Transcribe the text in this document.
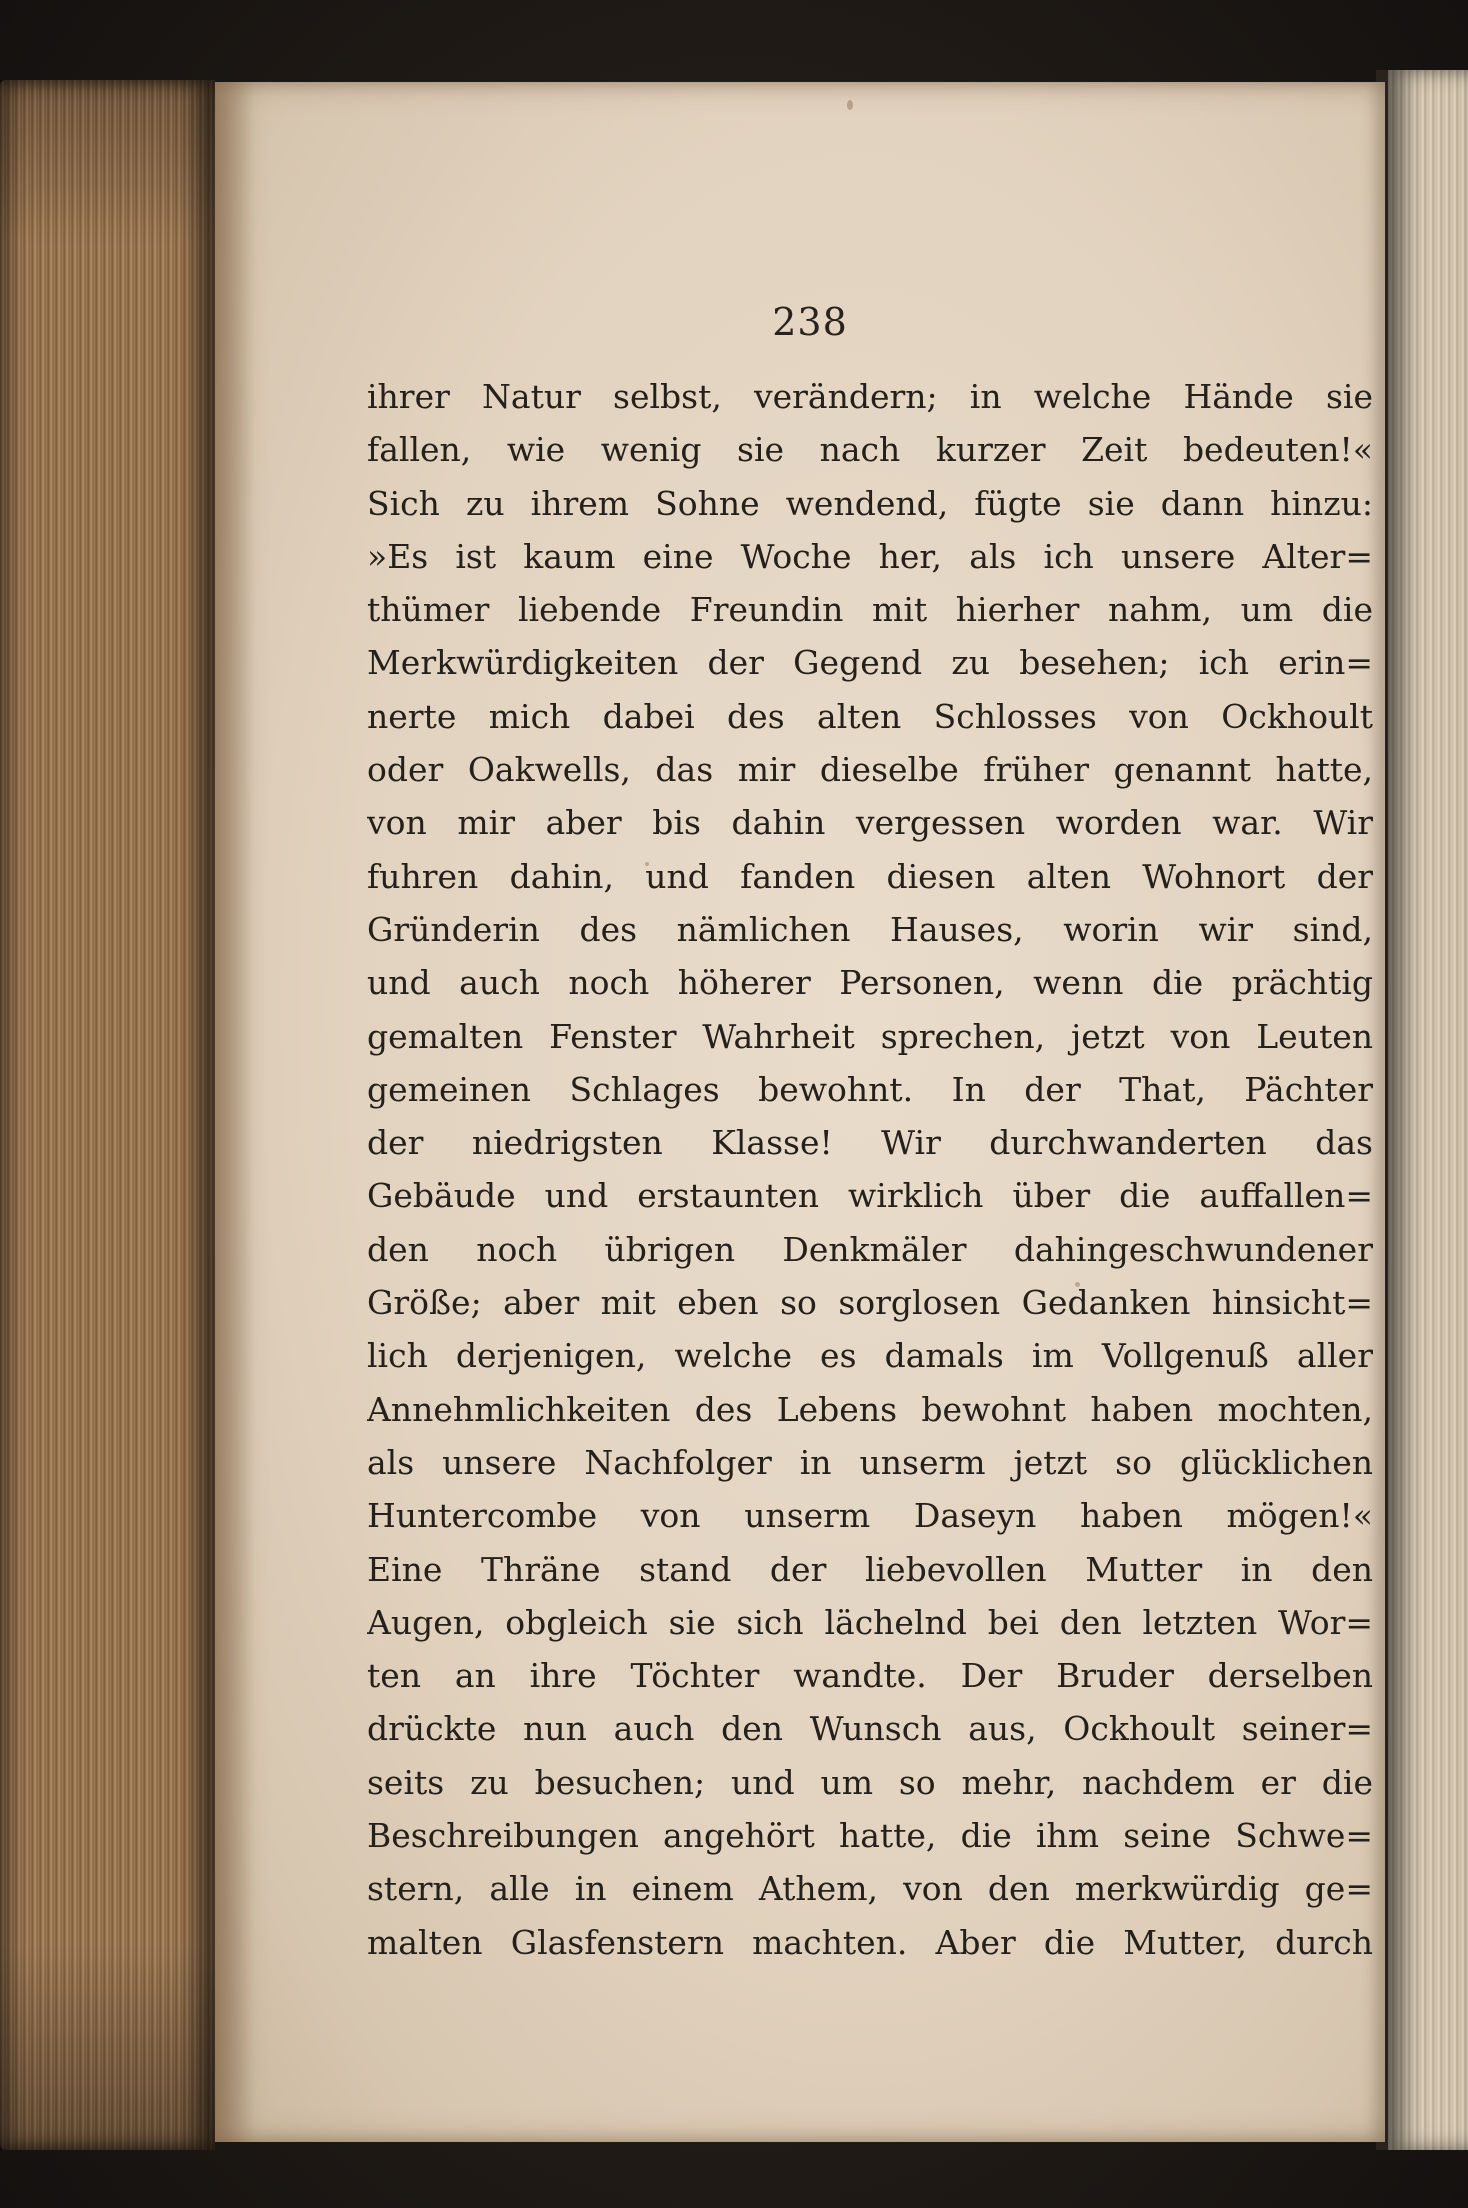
238

ihrer Natur selbst, verändern; in welche Hände sie
fallen, wie wenig sie nach kurzer Zeit bedeuten!«
Sich zu ihrem Sohne wendend, fügte sie dann hinzu:
»Es ist kaum eine Woche her, als ich unsere Alter=
thümer liebende Freundin mit hierher nahm, um die
Merkwürdigkeiten der Gegend zu besehen; ich erin=
nerte mich dabei des alten Schlosses von Ockhoult
oder Oakwells, das mir dieselbe früher genannt hatte,
von mir aber bis dahin vergessen worden war. Wir
fuhren dahin, und fanden diesen alten Wohnort der
Gründerin des nämlichen Hauses, worin wir sind,
und auch noch höherer Personen, wenn die prächtig
gemalten Fenster Wahrheit sprechen, jetzt von Leuten
gemeinen Schlages bewohnt. In der That, Pächter
der niedrigsten Klasse! Wir durchwanderten das
Gebäude und erstaunten wirklich über die auffallen=
den noch übrigen Denkmäler dahingeschwundener
Größe; aber mit eben so sorglosen Gedanken hinsicht=
lich derjenigen, welche es damals im Vollgenuß aller
Annehmlichkeiten des Lebens bewohnt haben mochten,
als unsere Nachfolger in unserm jetzt so glücklichen
Huntercombe von unserm Daseyn haben mögen!«
Eine Thräne stand der liebevollen Mutter in den
Augen, obgleich sie sich lächelnd bei den letzten Wor=
ten an ihre Töchter wandte. Der Bruder derselben
drückte nun auch den Wunsch aus, Ockhoult seiner=
seits zu besuchen; und um so mehr, nachdem er die
Beschreibungen angehört hatte, die ihm seine Schwe=
stern, alle in einem Athem, von den merkwürdig ge=
malten Glasfenstern machten. Aber die Mutter, durch
